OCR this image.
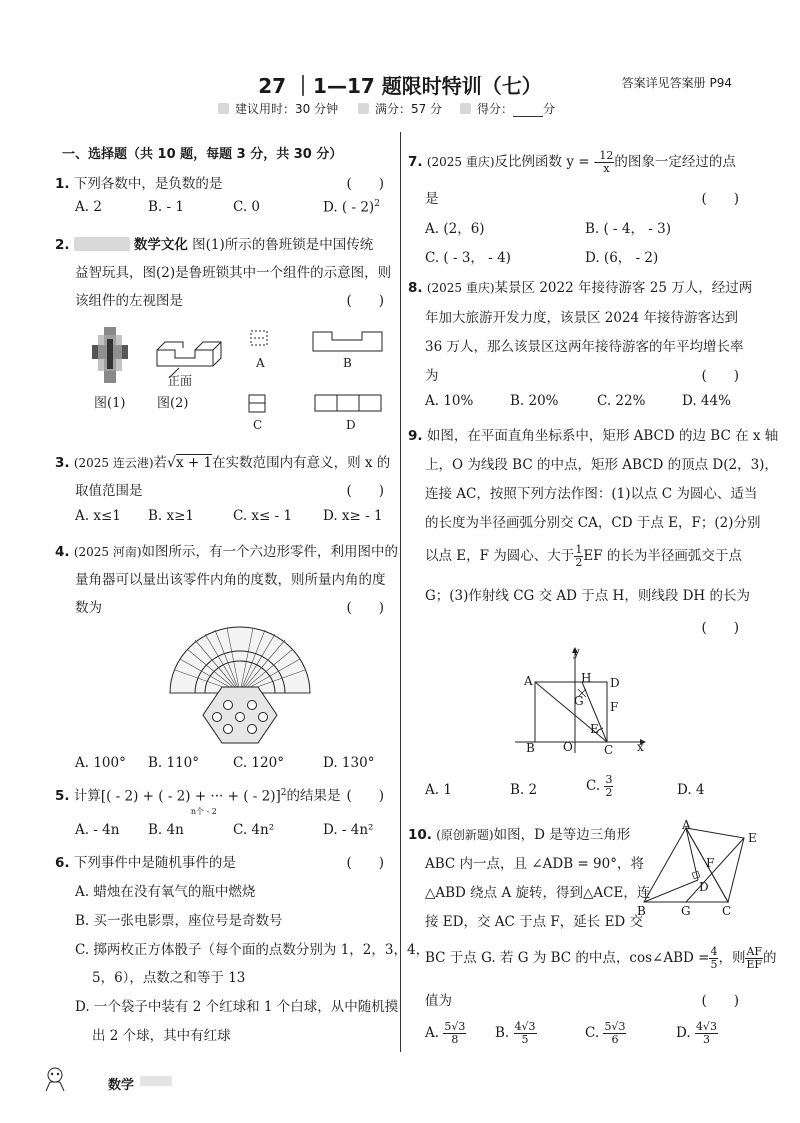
27 ｜1—17 题限时特训（七）	答案详见答案册 P94
建议用时：30 分钟	满分：57 分	得分：	分
一、选择题（共 10 题，每题 3 分，共 30 分）
1. 下列各数中，是负数的是	(　　)
A. 2	B. - 1	C. 0	D. ( - 2)$^2$
2.	数学文化 图(1)所示的鲁班锁是中国传统
益智玩具，图(2)是鲁班锁其中一个组件的示意图，则
该组件的左视图是	(　　)
正面
图(1) 图(2)
A	B
C	D
3. (2025 连云港)若√x + 1在实数范围内有意义，则 x 的
取值范围是	(　　)
A. x≤1 B. x≥1	C. x≤ - 1 D. x≥ - 1
4. (2025 河南)如图所示，有一个六边形零件，利用图中的
量角器可以量出该零件内角的度数，则所量内角的度
数为	(　　)
A. 100° B. 110°	C. 120°	D. 130°
5. 计算[( - 2) + ( - 2) + ··· + ( - 2)]$^2$
n个 - 2
的结果是 (　　)
A. - 4n B. 4n	C. 4n²	D. - 4n²
6. 下列事件中是随机事件的是	(　　)
A. 蜡烛在没有氧气的瓶中燃烧
B. 买一张电影票，座位号是奇数号
C. 掷两枚正方体骰子（每个面的点数分别为 1，2，3，4，
5，6），点数之和等于 13
D. 一个袋子中装有 2 个红球和 1 个白球，从中随机摸
出 2 个球，其中有红球
7. (2025 重庆)反比例函数 y = - $\frac{12}{x}$ 的图象一定经过的点
是	(　　)
A. (2，6)	B. ( - 4， - 3)
C. ( - 3， - 4)	D. (6， - 2)
8. (2025 重庆)某景区 2022 年接待游客 25 万人，经过两
年加大旅游开发力度，该景区 2024 年接待游客达到
36 万人，那么该景区这两年接待游客的年平均增长率
为	(　　)
A. 10%	B. 20%	C. 22%	D. 44%
9. 如图，在平面直角坐标系中，矩形 ABCD 的边 BC 在 x 轴
上，O 为线段 BC 的中点，矩形 ABCD 的顶点 D(2，3)，
连接 AC，按照下列方法作图：(1)以点 C 为圆心、适当
的长度为半径画弧分别交 CA，CD 于点 E，F；(2)分别
以点 E，F 为圆心、大于 $\frac{1}{2}$ EF 的长为半径画弧交于点
G；(3)作射线 CG 交 AD 于点 H，则线段 DH 的长为
(　　)
A
B	C
D
O
E
F
G
H
x
y
A. 1	B. 2	C. $\frac{3}{2}$	D. 4
10. (原创新题)如图，D 是等边三角形
ABC 内一点，且 ∠ADB = 90°，将
△ABD 绕点 A 旋转，得到△ACE，连
接 ED，交 AC 于点 F，延长 ED 交
BC 于点 G. 若 G 为 BC 的中点，cos∠ABD = $\frac{4}{5}$ ，则 $\frac{AF}{EF}$ 的
值为	(　　)
A
B	C
D
E
F
G
A. $\frac{5√3}{8} B$. $\frac{4√3}{5}$	C. $\frac{5√3}{6}$	D. $\frac{4√3}{3}$
数学
